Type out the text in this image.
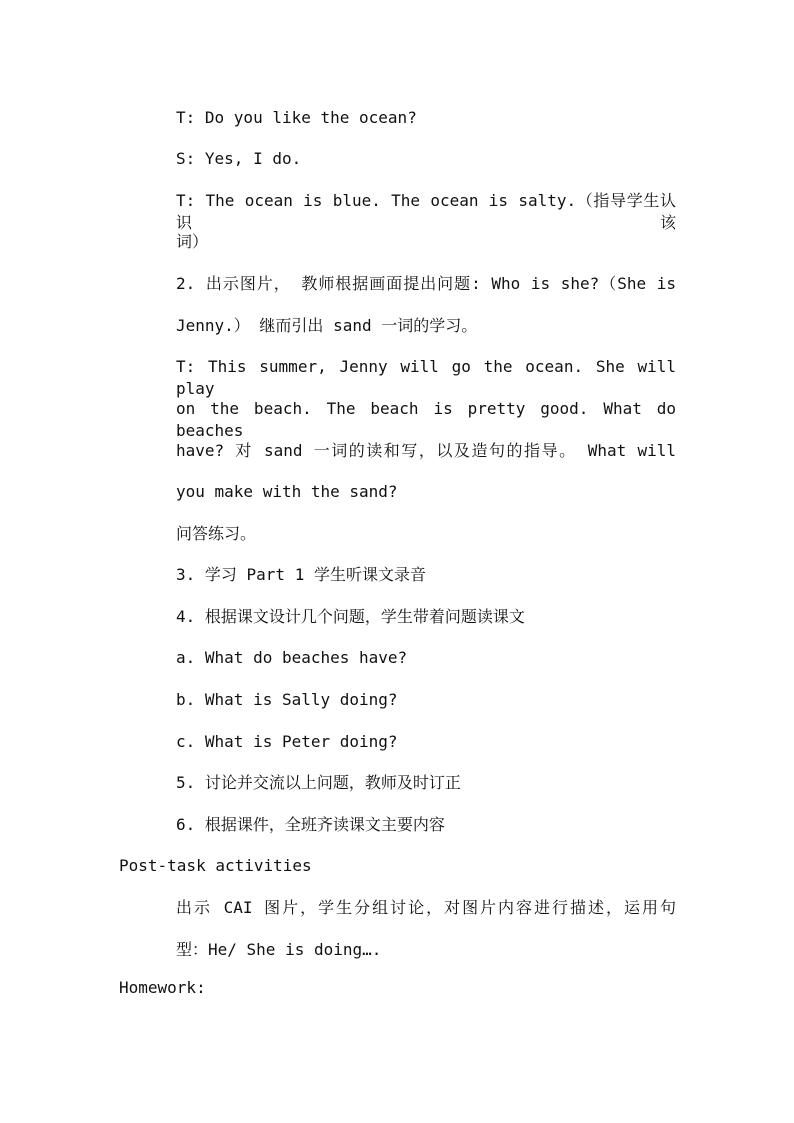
T: Do you like the ocean?
S: Yes, I do.
T: The ocean is blue. The ocean is salty.（指导学生认识该
词）
2. 出示图片， 教师根据画面提出问题: Who is she?（She is
Jenny.） 继而引出 sand 一词的学习。
T: This summer, Jenny will go the ocean. She will play
on the beach. The beach is pretty good. What do beaches
have? 对 sand 一词的读和写，以及造句的指导。 What will
you make with the sand?
问答练习。
3. 学习 Part 1 学生听课文录音
4. 根据课文设计几个问题，学生带着问题读课文
a. What do beaches have?
b. What is Sally doing?
c. What is Peter doing?
5. 讨论并交流以上问题，教师及时订正
6. 根据课件，全班齐读课文主要内容
Post-task activities
出示 CAI 图片，学生分组讨论，对图片内容进行描述，运用句
型：He/ She is doing….
Homework:
